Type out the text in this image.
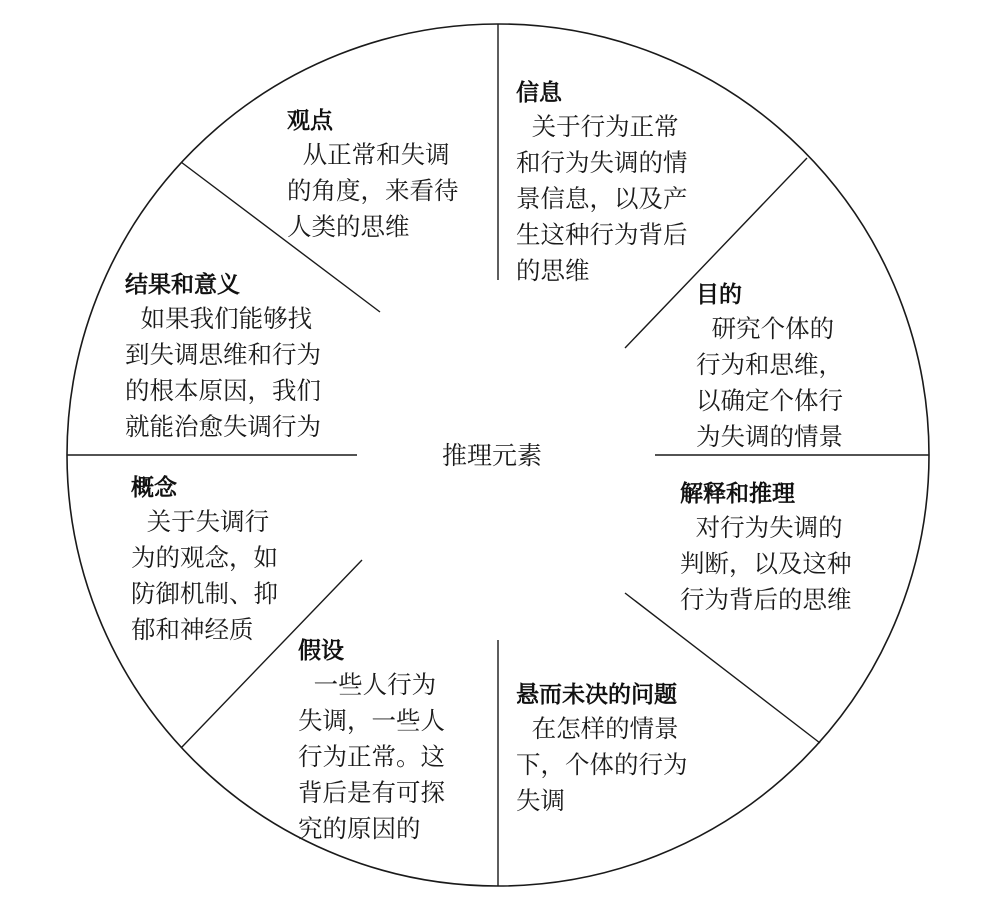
推理元素
观点
从正常和失调
的角度，来看待
人类的思维
信息
关于行为正常
和行为失调的情
景信息，以及产
生这种行为背后
的思维
目的
研究个体的
行为和思维，
以确定个体行
为失调的情景
解释和推理
对行为失调的
判断，以及这种
行为背后的思维
悬而未决的问题
在怎样的情景
下，个体的行为
失调
假设
一些人行为
失调，一些人
行为正常。这
背后是有可探
究的原因的
概念
关于失调行
为的观念，如
防御机制、抑
郁和神经质
结果和意义
如果我们能够找
到失调思维和行为
的根本原因，我们
就能治愈失调行为
